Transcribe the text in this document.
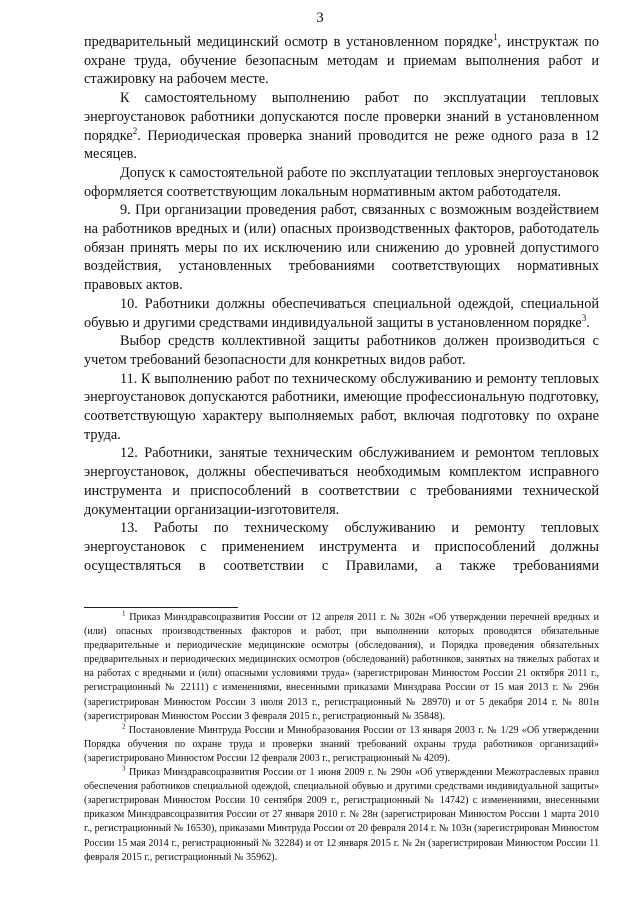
3

предварительный медицинский осмотр в установленном порядке$^1$, инструктаж по охране труда, обучение безопасным методам и приемам выполнения работ и стажировку на рабочем месте.

К самостоятельному выполнению работ по эксплуатации тепловых энергоустановок работники допускаются после проверки знаний в установленном порядке$^2$. Периодическая проверка знаний проводится не реже одного раза в 12 месяцев.

Допуск к самостоятельной работе по эксплуатации тепловых энергоустановок оформляется соответствующим локальным нормативным актом работодателя.

9. При организации проведения работ, связанных с возможным воздействием на работников вредных и (или) опасных производственных факторов, работодатель обязан принять меры по их исключению или снижению до уровней допустимого воздействия, установленных требованиями соответствующих нормативных правовых актов.

10. Работники должны обеспечиваться специальной одеждой, специальной обувью и другими средствами индивидуальной защиты в установленном порядке$^3$.

Выбор средств коллективной защиты работников должен производиться с учетом требований безопасности для конкретных видов работ.

11. К выполнению работ по техническому обслуживанию и ремонту тепловых энергоустановок допускаются работники, имеющие профессиональную подготовку, соответствующую характеру выполняемых работ, включая подготовку по охране труда.

12. Работники, занятые техническим обслуживанием и ремонтом тепловых энергоустановок, должны обеспечиваться необходимым комплектом исправного инструмента и приспособлений в соответствии с требованиями технической документации организации-изготовителя.

13. Работы по техническому обслуживанию и ремонту тепловых энергоустановок с применением инструмента и приспособлений должны осуществляться в соответствии с Правилами, а также требованиями

$^1$ Приказ Минздравсоцразвития России от 12 апреля 2011 г. № 302н «Об утверждении перечней вредных и (или) опасных производственных факторов и работ, при выполнении которых проводятся обязательные предварительные и периодические медицинские осмотры (обследования), и Порядка проведения обязательных предварительных и периодических медицинских осмотров (обследований) работников, занятых на тяжелых работах и на работах с вредными и (или) опасными условиями труда» (зарегистрирован Минюстом России 21 октября 2011 г., регистрационный № 22111) с изменениями, внесенными приказами Минздрава России от 15 мая 2013 г. № 296н (зарегистрирован Минюстом России 3 июля 2013 г., регистрационный № 28970) и от 5 декабря 2014 г. № 801н (зарегистрирован Минюстом России 3 февраля 2015 г., регистрационный № 35848).

$^2$ Постановление Минтруда России и Минобразования России от 13 января 2003 г. № 1/29 «Об утверждении Порядка обучения по охране труда и проверки знаний требований охраны труда работников организаций» (зарегистрировано Минюстом России 12 февраля 2003 г., регистрационный № 4209).

$^3$ Приказ Минздравсоцразвития России от 1 июня 2009 г. № 290н «Об утверждении Межотраслевых правил обеспечения работников специальной одеждой, специальной обувью и другими средствами индивидуальной защиты» (зарегистрирован Минюстом России 10 сентября 2009 г., регистрационный № 14742) с изменениями, внесенными приказом Минздравсоцразвития России от 27 января 2010 г. № 28н (зарегистрирован Минюстом России 1 марта 2010 г., регистрационный № 16530), приказами Минтруда России от 20 февраля 2014 г. № 103н (зарегистрирован Минюстом России 15 мая 2014 г., регистрационный № 32284) и от 12 января 2015 г. № 2н (зарегистрирован Минюстом России 11 февраля 2015 г., регистрационный № 35962).
